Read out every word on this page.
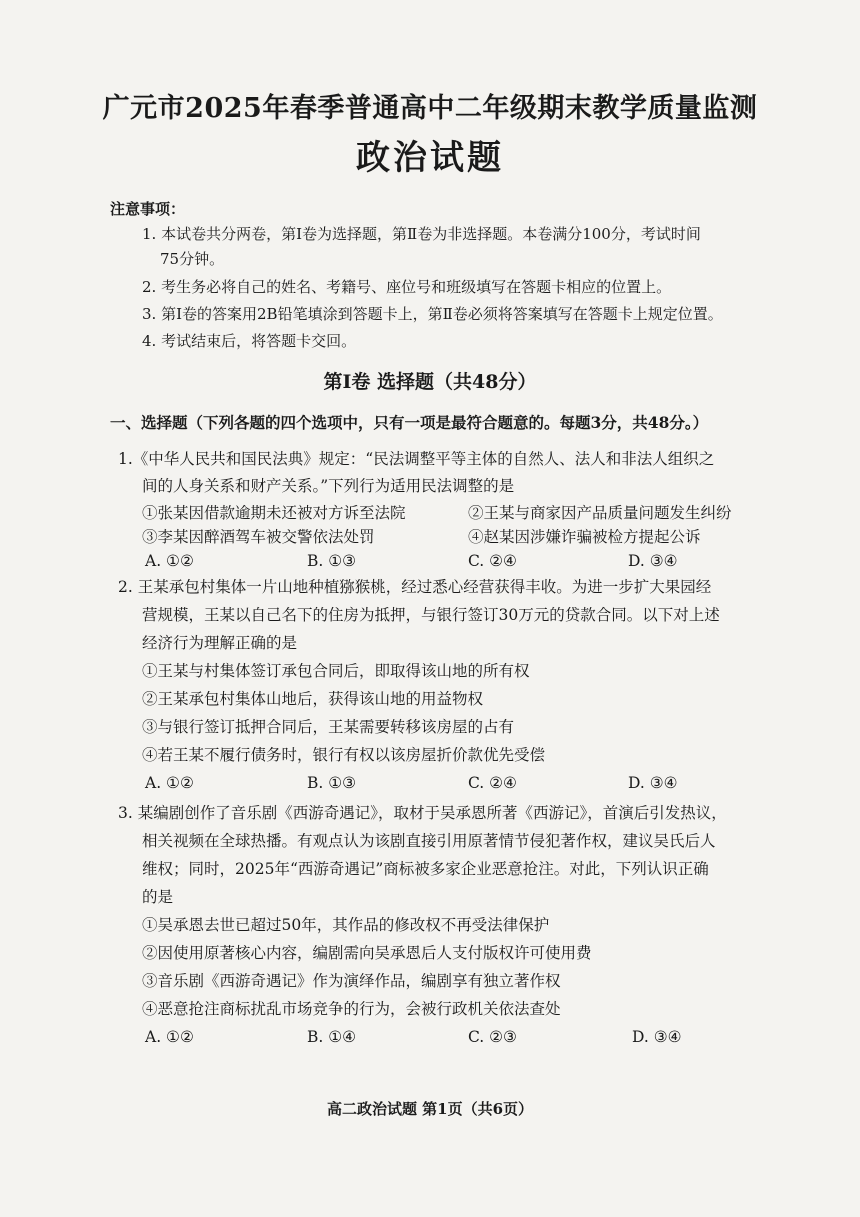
广元市2025年春季普通高中二年级期末教学质量监测
政治试题
注意事项：
1. 本试卷共分两卷，第Ⅰ卷为选择题，第Ⅱ卷为非选择题。本卷满分100分，考试时间
75分钟。
2. 考生务必将自己的姓名、考籍号、座位号和班级填写在答题卡相应的位置上。
3. 第Ⅰ卷的答案用2B铅笔填涂到答题卡上，第Ⅱ卷必须将答案填写在答题卡上规定位置。
4. 考试结束后，将答题卡交回。
第Ⅰ卷 选择题（共48分）
一、选择题（下列各题的四个选项中，只有一项是最符合题意的。每题3分，共48分。）
1.《中华人民共和国民法典》规定：“民法调整平等主体的自然人、法人和非法人组织之
间的人身关系和财产关系。”下列行为适用民法调整的是
①张某因借款逾期未还被对方诉至法院	②王某与商家因产品质量问题发生纠纷
③李某因醉酒驾车被交警依法处罚	④赵某因涉嫌诈骗被检方提起公诉
A. ①②	B. ①③	C. ②④	D. ③④
2. 王某承包村集体一片山地种植猕猴桃，经过悉心经营获得丰收。为进一步扩大果园经
营规模，王某以自己名下的住房为抵押，与银行签订30万元的贷款合同。以下对上述
经济行为理解正确的是
①王某与村集体签订承包合同后，即取得该山地的所有权
②王某承包村集体山地后，获得该山地的用益物权
③与银行签订抵押合同后，王某需要转移该房屋的占有
④若王某不履行债务时，银行有权以该房屋折价款优先受偿
A. ①②	B. ①③	C. ②④	D. ③④
3. 某编剧创作了音乐剧《西游奇遇记》，取材于吴承恩所著《西游记》，首演后引发热议，
相关视频在全球热播。有观点认为该剧直接引用原著情节侵犯著作权，建议吴氏后人
维权；同时，2025年“西游奇遇记”商标被多家企业恶意抢注。对此，下列认识正确
的是
①吴承恩去世已超过50年，其作品的修改权不再受法律保护
②因使用原著核心内容，编剧需向吴承恩后人支付版权许可使用费
③音乐剧《西游奇遇记》作为演绎作品，编剧享有独立著作权
④恶意抢注商标扰乱市场竞争的行为，会被行政机关依法查处
A. ①②	B. ①④	C. ②③	D. ③④
高二政治试题 第1页（共6页）
